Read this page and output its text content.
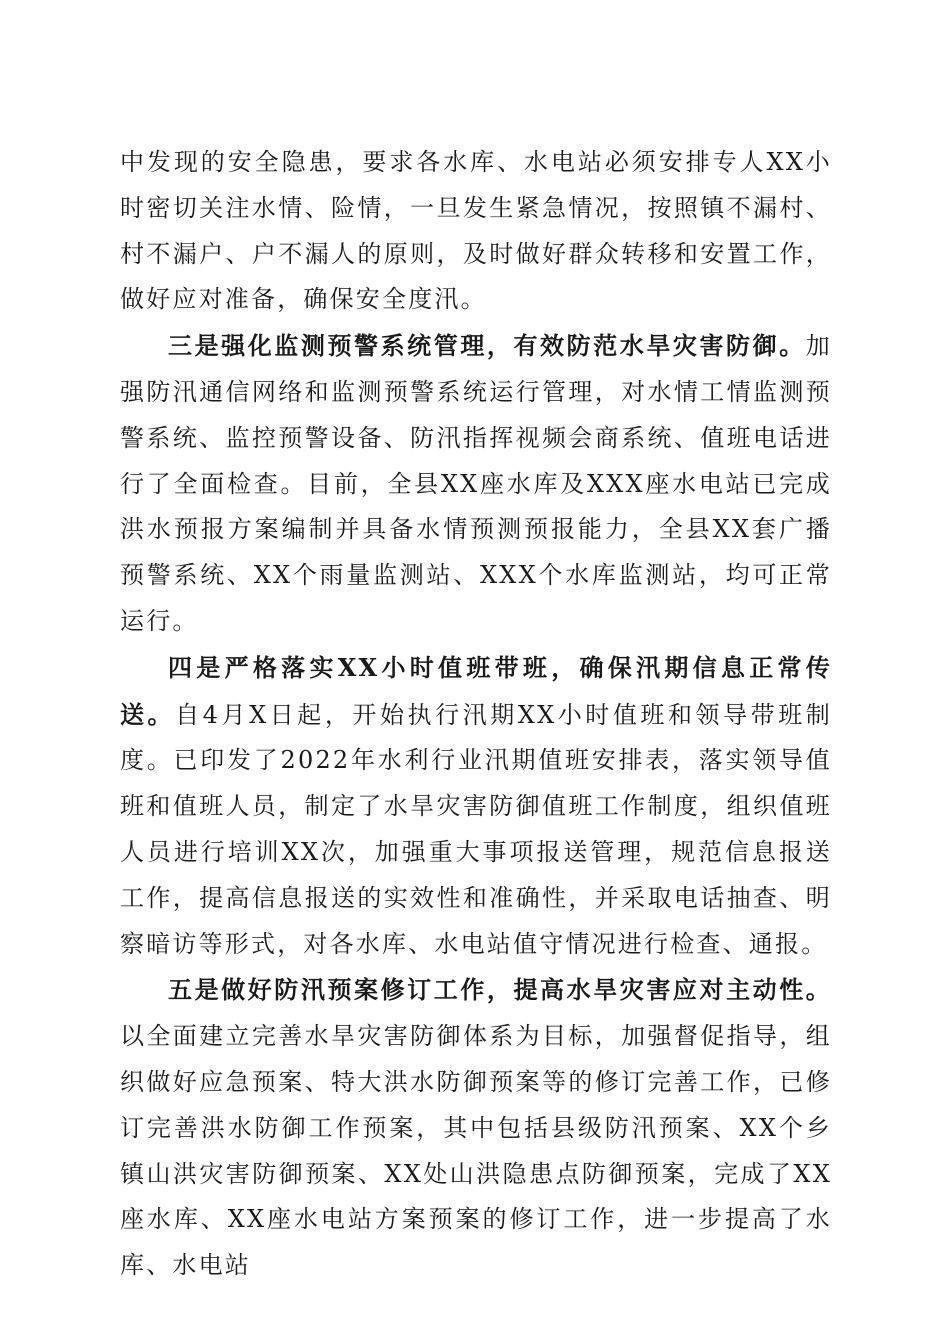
中发现的安全隐患，要求各水库、水电站必须安排专人XX小时密切关注水情、险情，一旦发生紧急情况，按照镇不漏村、村不漏户、户不漏人的原则，及时做好群众转移和安置工作，做好应对准备，确保安全度汛。

三是强化监测预警系统管理，有效防范水旱灾害防御。加强防汛通信网络和监测预警系统运行管理，对水情工情监测预警系统、监控预警设备、防汛指挥视频会商系统、值班电话进行了全面检查。目前，全县XX座水库及XXX座水电站已完成洪水预报方案编制并具备水情预测预报能力，全县XX套广播预警系统、XX个雨量监测站、XXX个水库监测站，均可正常运行。

四是严格落实XX小时值班带班，确保汛期信息正常传送。自4月X日起，开始执行汛期XX小时值班和领导带班制度。已印发了2022年水利行业汛期值班安排表，落实领导值班和值班人员，制定了水旱灾害防御值班工作制度，组织值班人员进行培训XX次，加强重大事项报送管理，规范信息报送工作，提高信息报送的实效性和准确性，并采取电话抽查、明察暗访等形式，对各水库、水电站值守情况进行检查、通报。

五是做好防汛预案修订工作，提高水旱灾害应对主动性。以全面建立完善水旱灾害防御体系为目标，加强督促指导，组织做好应急预案、特大洪水防御预案等的修订完善工作，已修订完善洪水防御工作预案，其中包括县级防汛预案、XX个乡镇山洪灾害防御预案、XX处山洪隐患点防御预案，完成了XX座水库、XX座水电站方案预案的修订工作，进一步提高了水库、水电站
